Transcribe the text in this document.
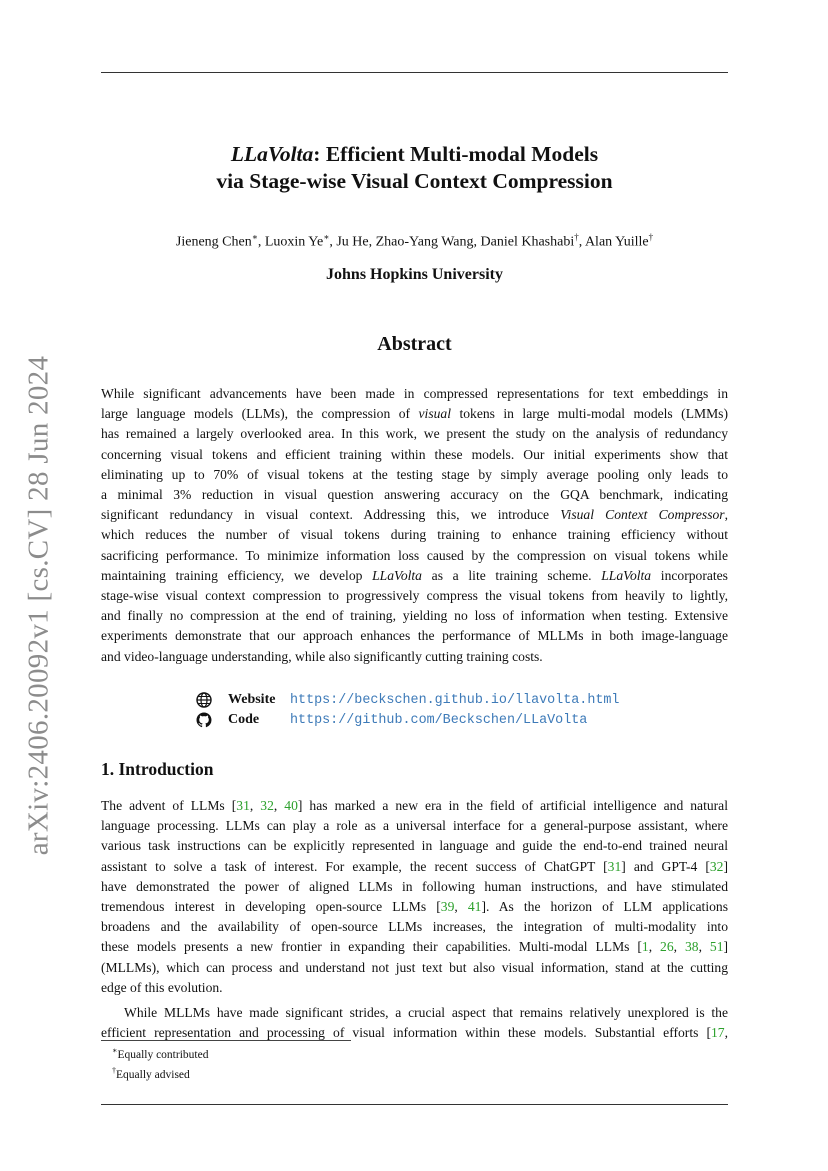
arXiv:2406.20092v1 [cs.CV] 28 Jun 2024
LLaVolta: Efficient Multi-modal Models
via Stage-wise Visual Context Compression
Jieneng Chen∗, Luoxin Ye∗, Ju He, Zhao-Yang Wang, Daniel Khashabi†, Alan Yuille†
Johns Hopkins University
Abstract
While significant advancements have been made in compressed representations for text embeddings in
large language models (LLMs), the compression of visual tokens in large multi-modal models (LMMs)
has remained a largely overlooked area. In this work, we present the study on the analysis of redundancy
concerning visual tokens and efficient training within these models. Our initial experiments show that
eliminating up to 70% of visual tokens at the testing stage by simply average pooling only leads to
a minimal 3% reduction in visual question answering accuracy on the GQA benchmark, indicating
significant redundancy in visual context. Addressing this, we introduce Visual Context Compressor,
which reduces the number of visual tokens during training to enhance training efficiency without
sacrificing performance. To minimize information loss caused by the compression on visual tokens while
maintaining training efficiency, we develop LLaVolta as a lite training scheme. LLaVolta incorporates
stage-wise visual context compression to progressively compress the visual tokens from heavily to lightly,
and finally no compression at the end of training, yielding no loss of information when testing. Extensive
experiments demonstrate that our approach enhances the performance of MLLMs in both image-language
and video-language understanding, while also significantly cutting training costs.
Website	https://beckschen.github.io/llavolta.html
Code	https://github.com/Beckschen/LLaVolta
1. Introduction
The advent of LLMs [31, 32, 40] has marked a new era in the field of artificial intelligence and natural
language processing. LLMs can play a role as a universal interface for a general-purpose assistant, where
various task instructions can be explicitly represented in language and guide the end-to-end trained neural
assistant to solve a task of interest. For example, the recent success of ChatGPT [31] and GPT-4 [32]
have demonstrated the power of aligned LLMs in following human instructions, and have stimulated
tremendous interest in developing open-source LLMs [39, 41]. As the horizon of LLM applications
broadens and the availability of open-source LLMs increases, the integration of multi-modality into
these models presents a new frontier in expanding their capabilities. Multi-modal LLMs [1, 26, 38, 51]
(MLLMs), which can process and understand not just text but also visual information, stand at the cutting
edge of this evolution.
While MLLMs have made significant strides, a crucial aspect that remains relatively unexplored is the
efficient representation and processing of visual information within these models. Substantial efforts [17,
∗Equally contributed
†Equally advised
